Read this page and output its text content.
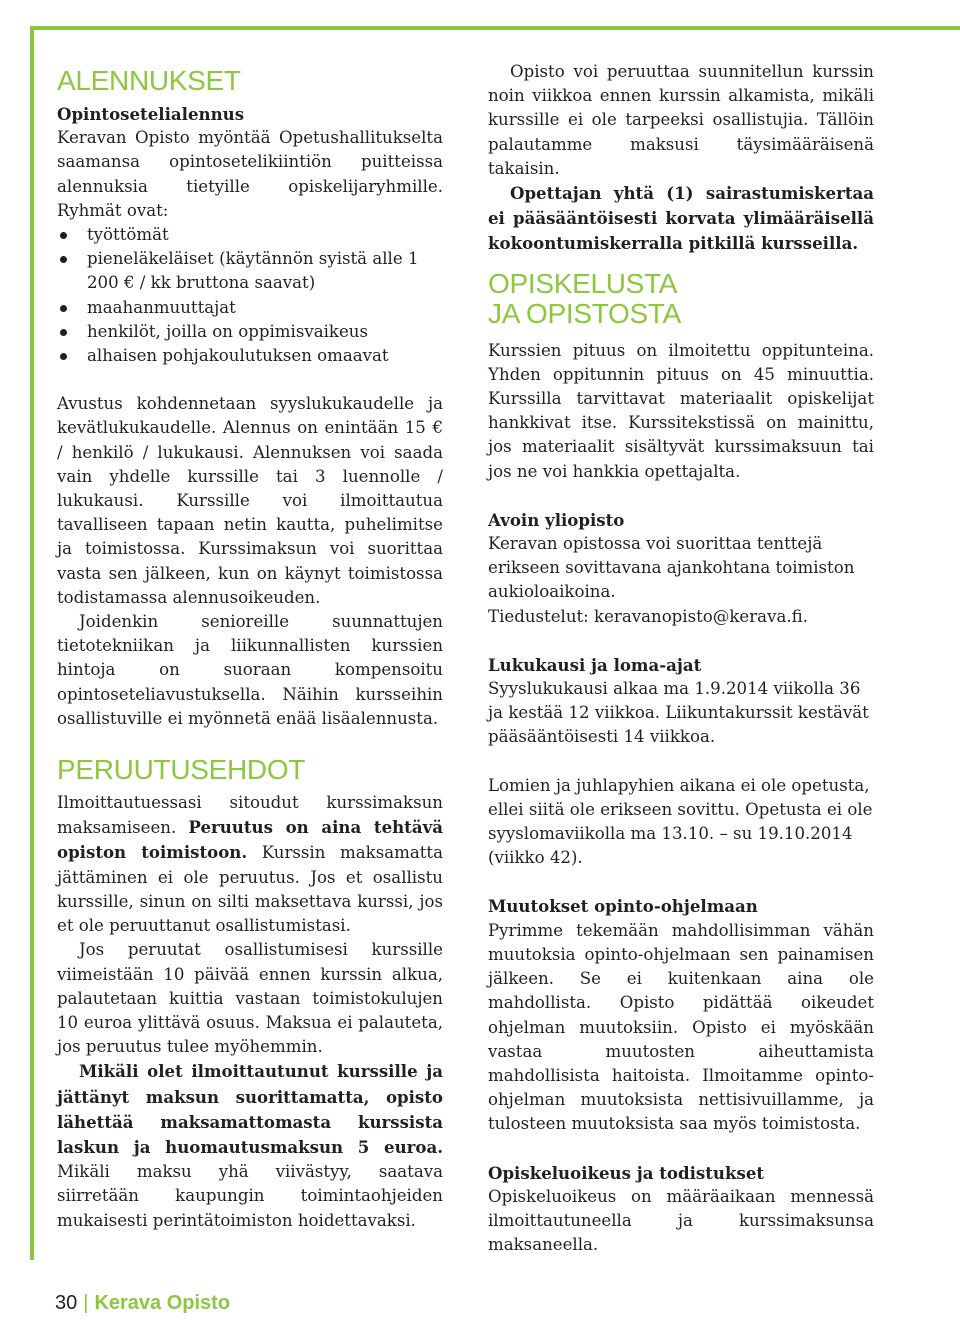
ALENNUKSET

Opintosetelialennus

Keravan Opisto myöntää Opetushallitukselta saamansa opintosetelikiintiön puitteissa alennuksia tietyille opiskelijaryhmille. Ryhmät ovat:

työttömät
pieneläkeläiset (käytännön syistä alle 1 200 € / kk bruttona saavat)
maahanmuuttajat
henkilöt, joilla on oppimisvaikeus
alhaisen pohjakoulutuksen omaavat

Avustus kohdennetaan syyslukukaudelle ja kevätlukukaudelle. Alennus on enintään 15 € / henkilö / lukukausi. Alennuksen voi saada vain yhdelle kurssille tai 3 luennolle / lukukausi. Kurssille voi ilmoittautua tavalliseen tapaan netin kautta, puhelimitse ja toimistossa. Kurssimaksun voi suorittaa vasta sen jälkeen, kun on käynyt toimistossa todistamassa alennusoikeuden.

Joidenkin senioreille suunnattujen tietotekniikan ja liikunnallisten kurssien hintoja on suoraan kompensoitu opintoseteliavustuksella. Näihin kursseihin osallistuville ei myönnetä enää lisäalennusta.

PERUUTUSEHDOT

Ilmoittautuessasi sitoudut kurssimaksun maksamiseen. Peruutus on aina tehtävä opiston toimistoon. Kurssin maksamatta jättäminen ei ole peruutus. Jos et osallistu kurssille, sinun on silti maksettava kurssi, jos et ole peruuttanut osallistumistasi.

Jos peruutat osallistumisesi kurssille viimeistään 10 päivää ennen kurssin alkua, palautetaan kuittia vastaan toimistokulujen 10 euroa ylittävä osuus. Maksua ei palauteta, jos peruutus tulee myöhemmin.

Mikäli olet ilmoittautunut kurssille ja jättänyt maksun suorittamatta, opisto lähettää maksamattomasta kurssista laskun ja huomautusmaksun 5 euroa. Mikäli maksu yhä viivästyy, saatava siirretään kaupungin toimintaohjeiden mukaisesti perintätoimiston hoidettavaksi.

Opisto voi peruuttaa suunnitellun kurssin noin viikkoa ennen kurssin alkamista, mikäli kurssille ei ole tarpeeksi osallistujia. Tällöin palautamme maksusi täysimääräisenä takaisin.

Opettajan yhtä (1) sairastumiskertaa ei pääsääntöisesti korvata ylimääräisellä kokoontumiskerralla pitkillä kursseilla.

OPISKELUSTA
JA OPISTOSTA

Kurssien pituus on ilmoitettu oppitunteina. Yhden oppitunnin pituus on 45 minuuttia. Kurssilla tarvittavat materiaalit opiskelijat hankkivat itse. Kurssitekstissä on mainittu, jos materiaalit sisältyvät kurssimaksuun tai jos ne voi hankkia opettajalta.

Avoin yliopisto

Keravan opistossa voi suorittaa tenttejä erikseen sovittavana ajankohtana toimiston aukioloaikoina.

Tiedustelut: keravanopisto@kerava.fi.

Lukukausi ja loma-ajat

Syyslukukausi alkaa ma 1.9.2014 viikolla 36 ja kestää 12 viikkoa. Liikuntakurssit kestävät pääsääntöisesti 14 viikkoa.

Lomien ja juhlapyhien aikana ei ole opetusta, ellei siitä ole erikseen sovittu. Opetusta ei ole syyslomaviikolla ma 13.10. – su 19.10.2014 (viikko 42).

Muutokset opinto-ohjelmaan

Pyrimme tekemään mahdollisimman vähän muutoksia opinto-ohjelmaan sen painamisen jälkeen. Se ei kuitenkaan aina ole mahdollista. Opisto pidättää oikeudet ohjelman muutoksiin. Opisto ei myöskään vastaa muutosten aiheuttamista mahdollisista haitoista. Ilmoitamme opinto-ohjelman muutoksista nettisivuillamme, ja tulosteen muutoksista saa myös toimistosta.

Opiskeluoikeus ja todistukset

Opiskeluoikeus on määräaikaan mennessä ilmoittautuneella ja kurssimaksunsa maksaneella.

30 | Kerava Opisto
